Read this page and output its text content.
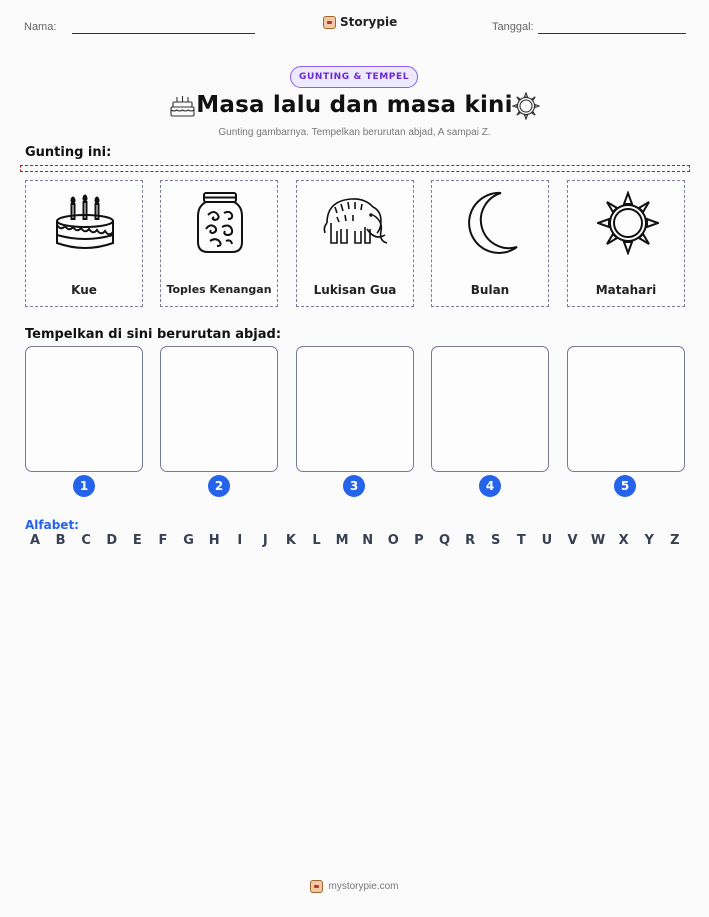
Nama:	Storypie	Tanggal:
GUNTING & TEMPEL
Masa lalu dan masa kini
Gunting gambarnya. Tempelkan berurutan abjad, A sampai Z.
Gunting ini:
Kue	Toples Kenangan	Lukisan Gua	Bulan	Matahari
Tempelkan di sini berurutan abjad:
1	2	3	4	5
Alfabet:
A	B	C	D	E	F	G	H	I	J	K	L	M	N	O	P	Q	R	S	T	U	V	W	X	Y	Z
mystorypie.com
